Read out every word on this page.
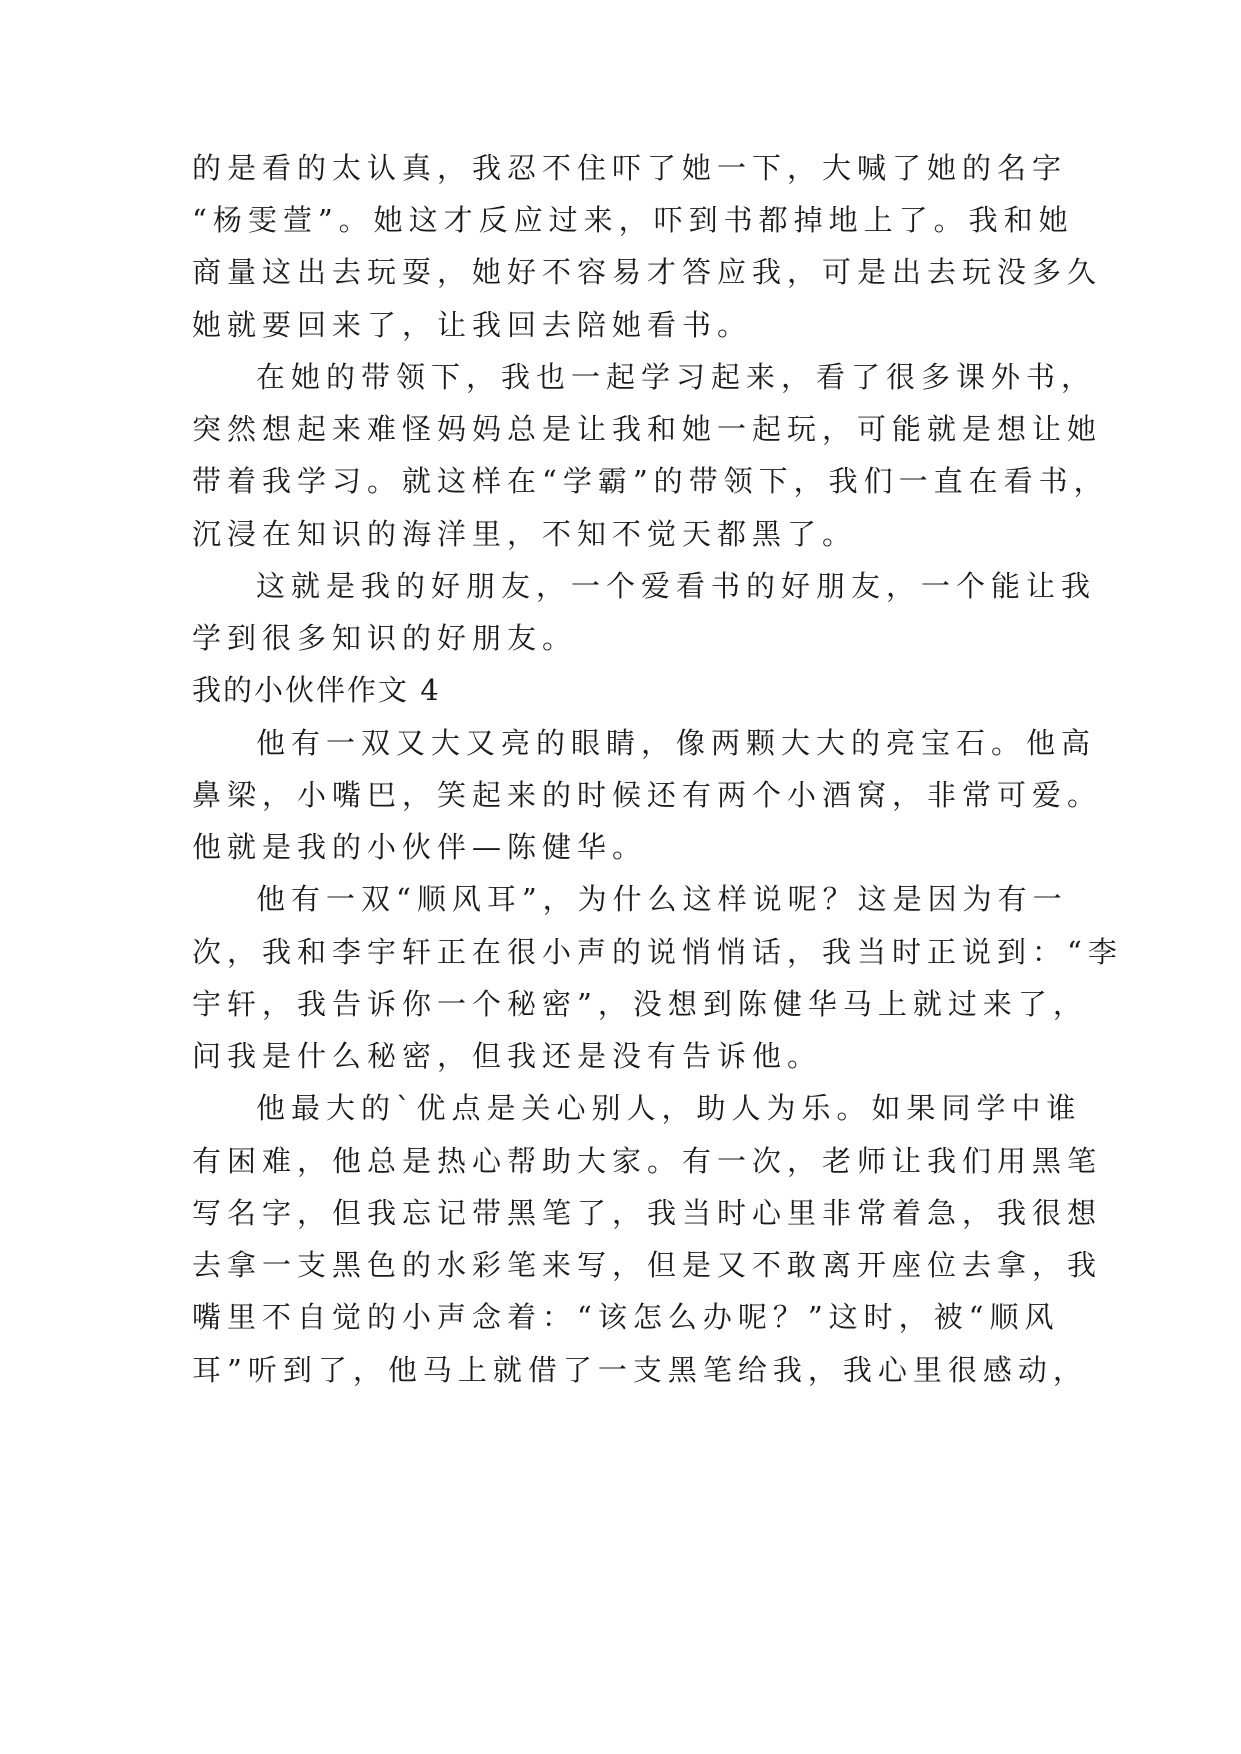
的是看的太认真，我忍不住吓了她一下，大喊了她的名字
“杨雯萱”。她这才反应过来，吓到书都掉地上了。我和她
商量这出去玩耍，她好不容易才答应我，可是出去玩没多久
她就要回来了，让我回去陪她看书。
在她的带领下，我也一起学习起来，看了很多课外书，
突然想起来难怪妈妈总是让我和她一起玩，可能就是想让她
带着我学习。就这样在“学霸”的带领下，我们一直在看书，
沉浸在知识的海洋里，不知不觉天都黑了。
这就是我的好朋友，一个爱看书的好朋友，一个能让我
学到很多知识的好朋友。
我的小伙伴作文 4
他有一双又大又亮的眼睛，像两颗大大的亮宝石。他高
鼻梁，小嘴巴，笑起来的时候还有两个小酒窝，非常可爱。
他就是我的小伙伴—陈健华。
他有一双“顺风耳”，为什么这样说呢？这是因为有一
次，我和李宇轩正在很小声的说悄悄话，我当时正说到：“李
宇轩，我告诉你一个秘密”，没想到陈健华马上就过来了，
问我是什么秘密，但我还是没有告诉他。
他最大的`优点是关心别人，助人为乐。如果同学中谁
有困难，他总是热心帮助大家。有一次，老师让我们用黑笔
写名字，但我忘记带黑笔了，我当时心里非常着急，我很想
去拿一支黑色的水彩笔来写，但是又不敢离开座位去拿，我
嘴里不自觉的小声念着：“该怎么办呢？”这时，被“顺风
耳”听到了，他马上就借了一支黑笔给我，我心里很感动，
